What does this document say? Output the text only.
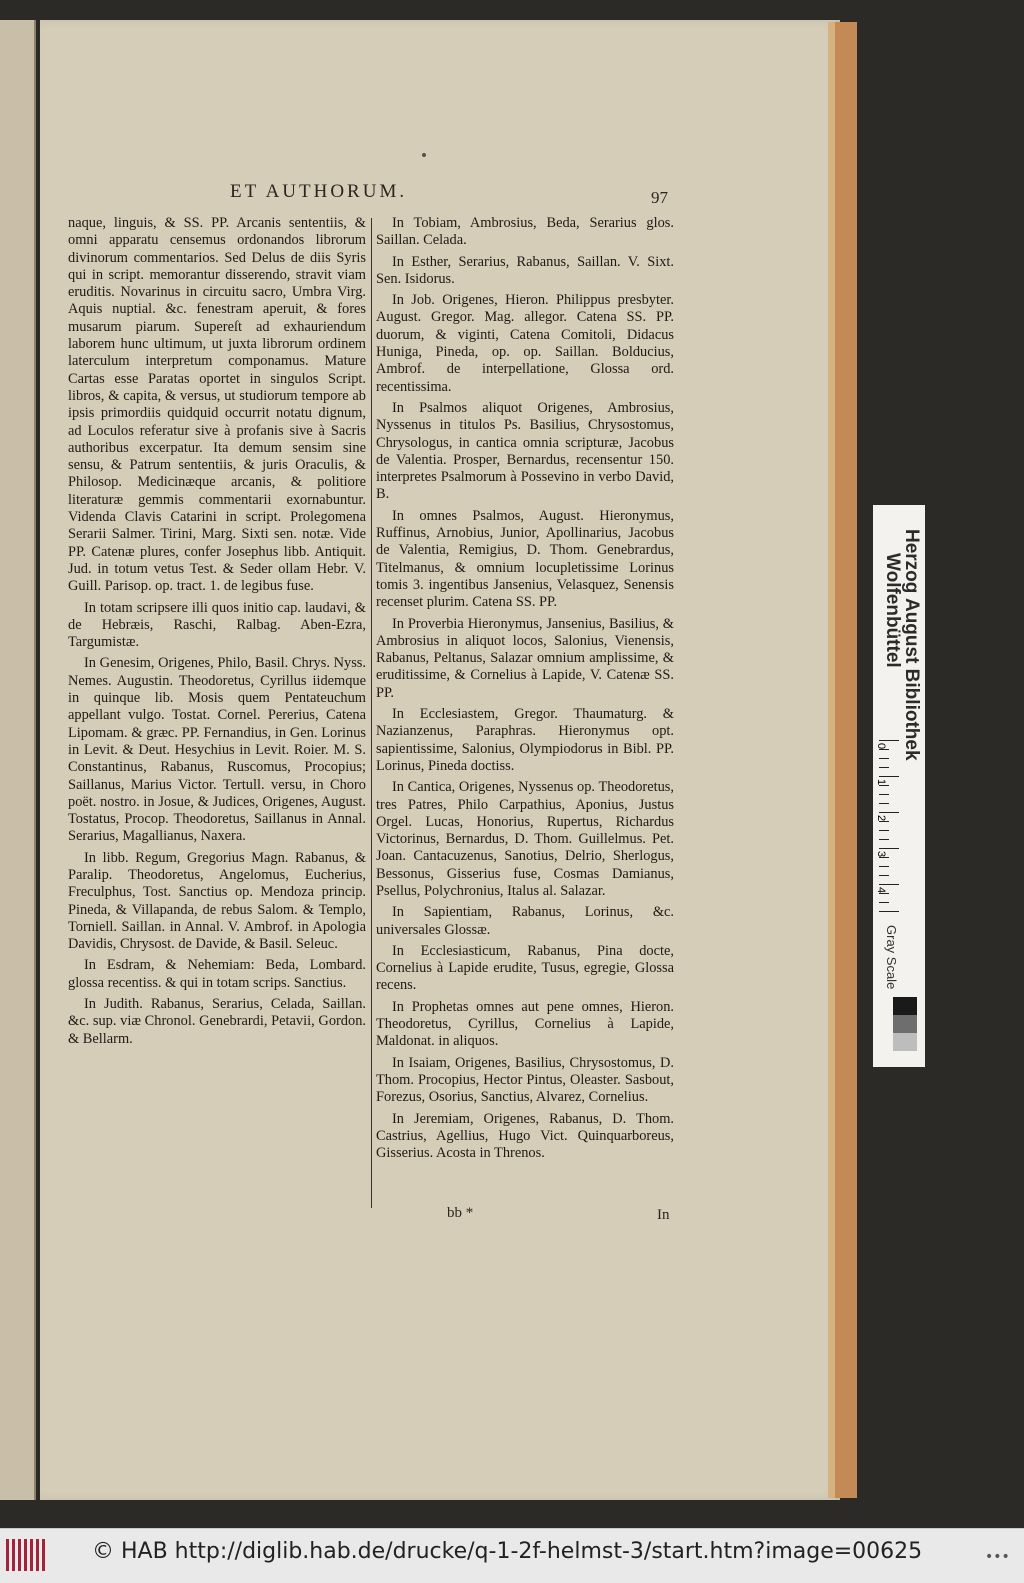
ET AUTHORUM.	97

naque, linguis, & SS. PP. Arcanis sententiis, & omni apparatu censemus ordonandos librorum divinorum commentarios. Sed Delus de diis Syris qui in script. memorantur disserendo, stravit viam eruditis. Novarinus in circuitu sacro, Umbra Virg. Aquis nuptial. &c. fenestram aperuit, & fores musarum piarum. Supereſt ad exhauriendum laborem hunc ultimum, ut juxta librorum ordinem laterculum interpretum componamus. Mature Cartas esse Paratas oportet in singulos Script. libros, & capita, & versus, ut studiorum tempore ab ipsis primordiis quidquid occurrit notatu dignum, ad Loculos referatur sive à profanis sive à Sacris authoribus excerpatur. Ita demum sensim sine sensu, & Patrum sententiis, & juris Oraculis, & Philosop. Medicinæque arcanis, & politiore literaturæ gemmis commentarii exornabuntur. Videnda Clavis Catarini in script. Prolegomena Serarii Salmer. Tirini, Marg. Sixti sen. notæ. Vide PP. Catenæ plures, confer Josephus libb. Antiquit. Jud. in totum vetus Test. & Seder ollam Hebr. V. Guill. Parisop. op. tract. 1. de legibus fuse.

In totam scripsere illi quos initio cap. laudavi, & de Hebræis, Raschi, Ralbag. Aben-Ezra, Targumistæ.

In Genesim, Origenes, Philo, Basil. Chrys. Nyss. Nemes. Augustin. Theodoretus, Cyrillus iidemque in quinque lib. Mosis quem Pentateuchum appellant vulgo. Tostat. Cornel. Pererius, Catena Lipomam. & græc. PP. Fernandius, in Gen. Lorinus in Levit. & Deut. Hesychius in Levit. Roier. M. S. Constantinus, Rabanus, Ruscomus, Procopius; Saillanus, Marius Victor. Tertull. versu, in Choro poët. nostro. in Josue, & Judices, Origenes, August. Tostatus, Procop. Theodoretus, Saillanus in Annal. Serarius, Magallianus, Naxera.

In libb. Regum, Gregorius Magn. Rabanus, & Paralip. Theodoretus, Angelomus, Eucherius, Freculphus, Tost. Sanctius op. Mendoza princip. Pineda, & Villapanda, de rebus Salom. & Templo, Torniell. Saillan. in Annal. V. Ambrof. in Apologia Davidis, Chrysost. de Davide, & Basil. Seleuc.

In Esdram, & Nehemiam: Beda, Lombard. glossa recentiss. & qui in totam scrips. Sanctius.

In Judith. Rabanus, Serarius, Celada, Saillan. &c. sup. viæ Chronol. Genebrardi, Petavii, Gordon. & Bellarm.

In Tobiam, Ambrosius, Beda, Serarius glos. Saillan. Celada.

In Esther, Serarius, Rabanus, Saillan. V. Sixt. Sen. Isidorus.

In Job. Origenes, Hieron. Philippus presbyter. August. Gregor. Mag. allegor. Catena SS. PP. duorum, & viginti, Catena Comitoli, Didacus Huniga, Pineda, op. op. Saillan. Bolducius, Ambrof. de interpellatione, Glossa ord. recentissima.

In Psalmos aliquot Origenes, Ambrosius, Nyssenus in titulos Ps. Basilius, Chrysostomus, Chrysologus, in cantica omnia scripturæ, Jacobus de Valentia. Prosper, Bernardus, recensentur 150. interpretes Psalmorum à Possevino in verbo David, B.

In omnes Psalmos, August. Hieronymus, Ruffinus, Arnobius, Junior, Apollinarius, Jacobus de Valentia, Remigius, D. Thom. Genebrardus, Titelmanus, & omnium locupletissime Lorinus tomis 3. ingentibus Jansenius, Velasquez, Senensis recenset plurim. Catena SS. PP.

In Proverbia Hieronymus, Jansenius, Basilius, & Ambrosius in aliquot locos, Salonius, Vienensis, Rabanus, Peltanus, Salazar omnium amplissime, & eruditissime, & Cornelius à Lapide, V. Catenæ SS. PP.

In Ecclesiastem, Gregor. Thaumaturg. & Nazianzenus, Paraphras. Hieronymus opt. sapientissime, Salonius, Olympiodorus in Bibl. PP. Lorinus, Pineda doctiss.

In Cantica, Origenes, Nyssenus op. Theodoretus, tres Patres, Philo Carpathius, Aponius, Justus Orgel. Lucas, Honorius, Rupertus, Richardus Victorinus, Bernardus, D. Thom. Guillelmus. Pet. Joan. Cantacuzenus, Sanotius, Delrio, Sherlogus, Bessonus, Gisserius fuse, Cosmas Damianus, Psellus, Polychronius, Italus al. Salazar.

In Sapientiam, Rabanus, Lorinus, &c. universales Glossæ.

In Ecclesiasticum, Rabanus, Pina docte, Cornelius à Lapide erudite, Tusus, egregie, Glossa recens.

In Prophetas omnes aut pene omnes, Hieron. Theodoretus, Cyrillus, Cornelius à Lapide, Maldonat. in aliquos.

In Isaiam, Origenes, Basilius, Chrysostomus, D. Thom. Procopius, Hector Pintus, Oleaster. Sasbout, Forezus, Osorius, Sanctius, Alvarez, Cornelius.

In Jeremiam, Origenes, Rabanus, D. Thom. Castrius, Agellius, Hugo Vict. Quinquarboreus, Gisserius. Acosta in Threnos.

bb *	In
Herzog August Bibliothek
Wolfenbüttel
0
1
2
3
4
Gray Scale
© HAB http://diglib.hab.de/drucke/q-1-2f-helmst-3/start.htm?image=00625	•••
